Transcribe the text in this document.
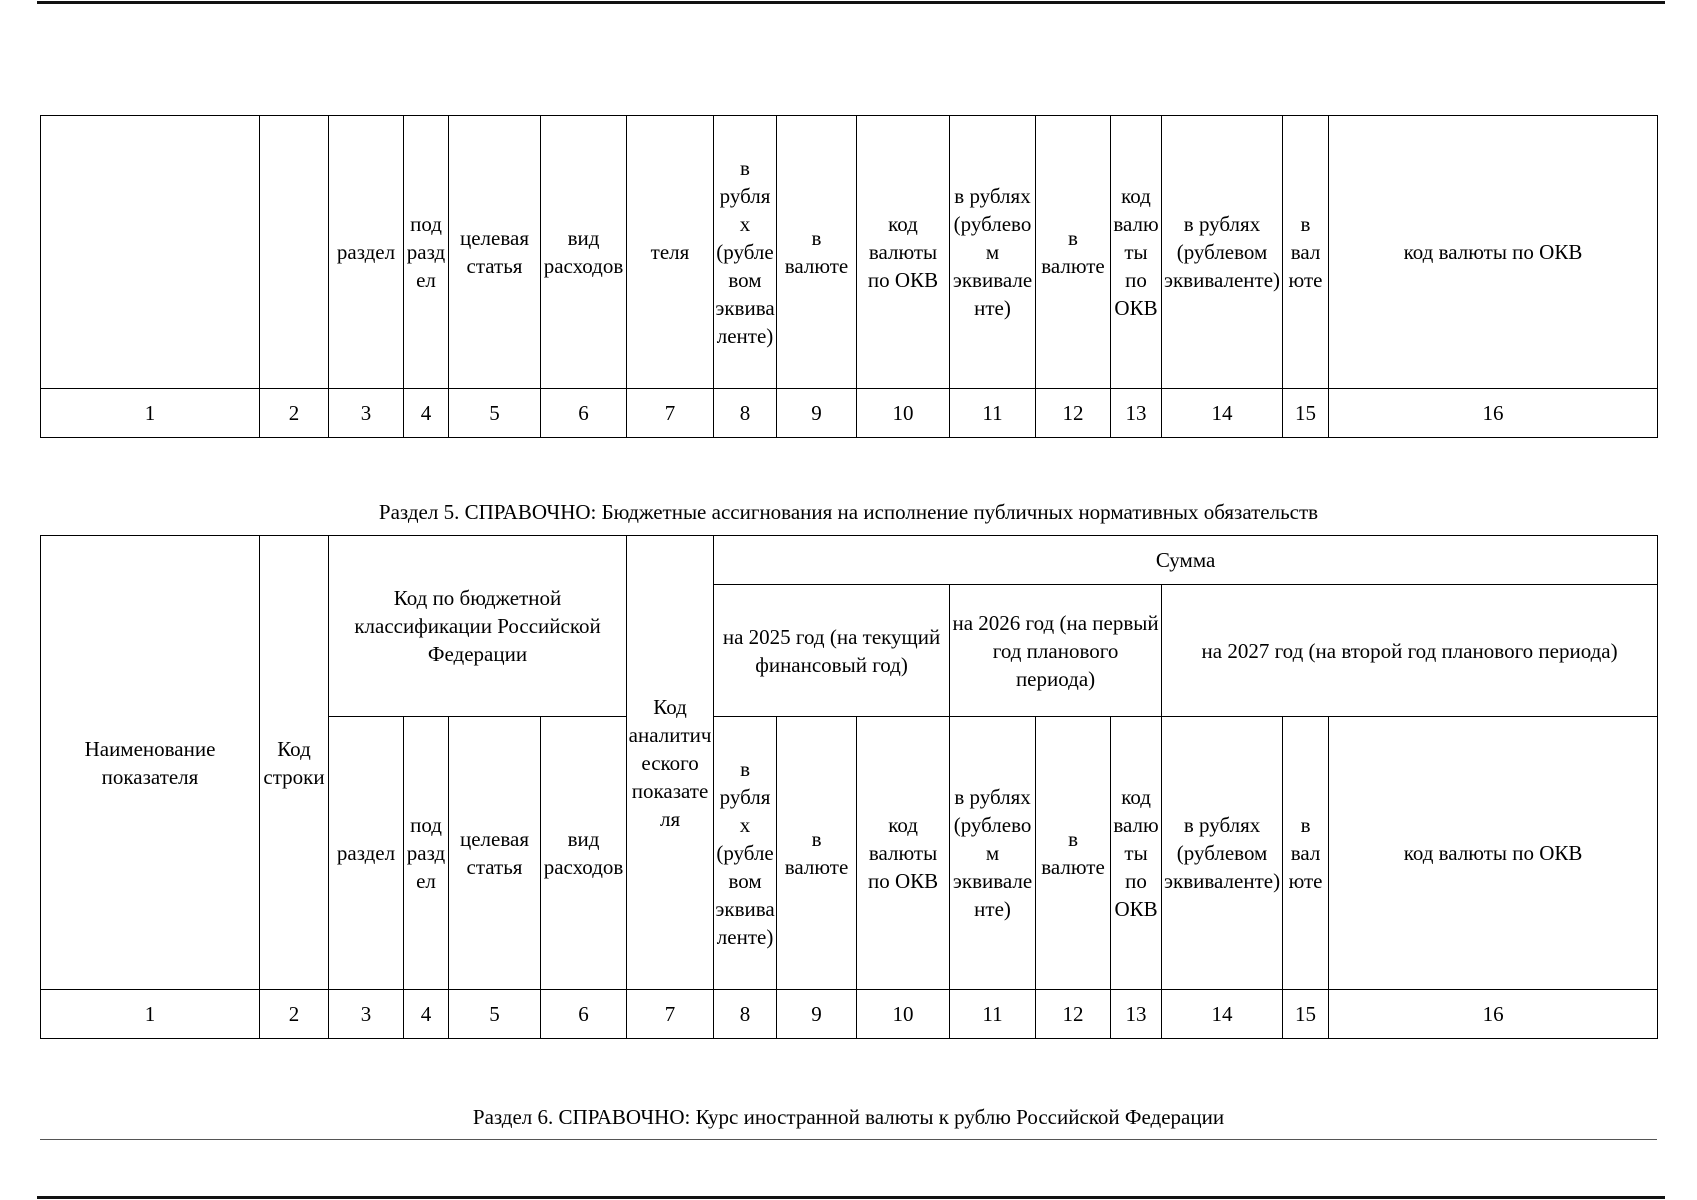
		раздел	подраздел	целевая статья	вид расходов	теля	в рублях (рублевом эквиваленте)	в валюте	код валюты по ОКВ	в рублях (рублевом эквиваленте)	в валюте	код валюты по ОКВ	в рублях (рублевом эквиваленте)	в валюте	код валюты по ОКВ
1	2	3	4	5	6	7	8	9	10	11	12	13	14	15	16
Раздел 5. СПРАВОЧНО: Бюджетные ассигнования на исполнение публичных нормативных обязательств
Наименование показателя	Код строки	Код по бюджетной классификации Российской Федерации				Код аналитического показателя	Сумма								
							на 2025 год (на текущий финансовый год)			на 2026 год (на первый год планового периода)			на 2027 год (на второй год планового периода)		
		раздел	подраздел	целевая статья	вид расходов		в рублях (рублевом эквиваленте)	в валюте	код валюты по ОКВ	в рублях (рублевом эквиваленте)	в валюте	код валюты по ОКВ	в рублях (рублевом эквиваленте)	в валюте	код валюты по ОКВ
1	2	3	4	5	6	7	8	9	10	11	12	13	14	15	16
Раздел 6. СПРАВОЧНО: Курс иностранной валюты к рублю Российской Федерации
